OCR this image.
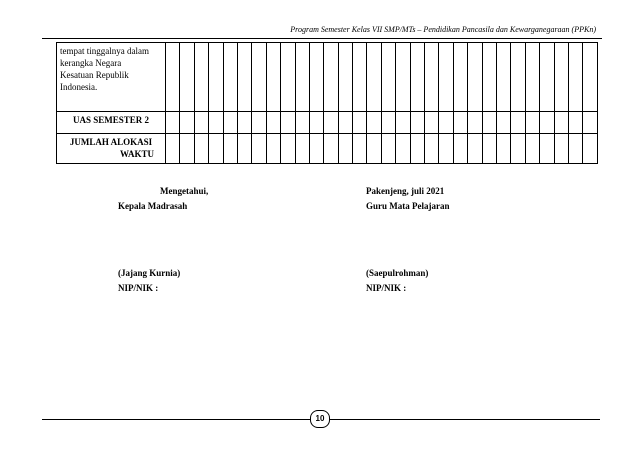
Program Semester Kelas VII SMP/MTs – Pendidikan Pancasila dan Kewarganegaraan (PPKn)
tempat tinggalnya dalam
kerangka Negara
Kesatuan Republik
Indonesia.																														

UAS SEMESTER 2																														

JUMLAH ALOKASI
WAKTU																														

Mengetahui,
Kepala Madrasah
(Jajang Kurnia)
NIP/NIK :
Pakenjeng, juli 2021
Guru Mata Pelajaran
(Saepulrohman)
NIP/NIK :
10
